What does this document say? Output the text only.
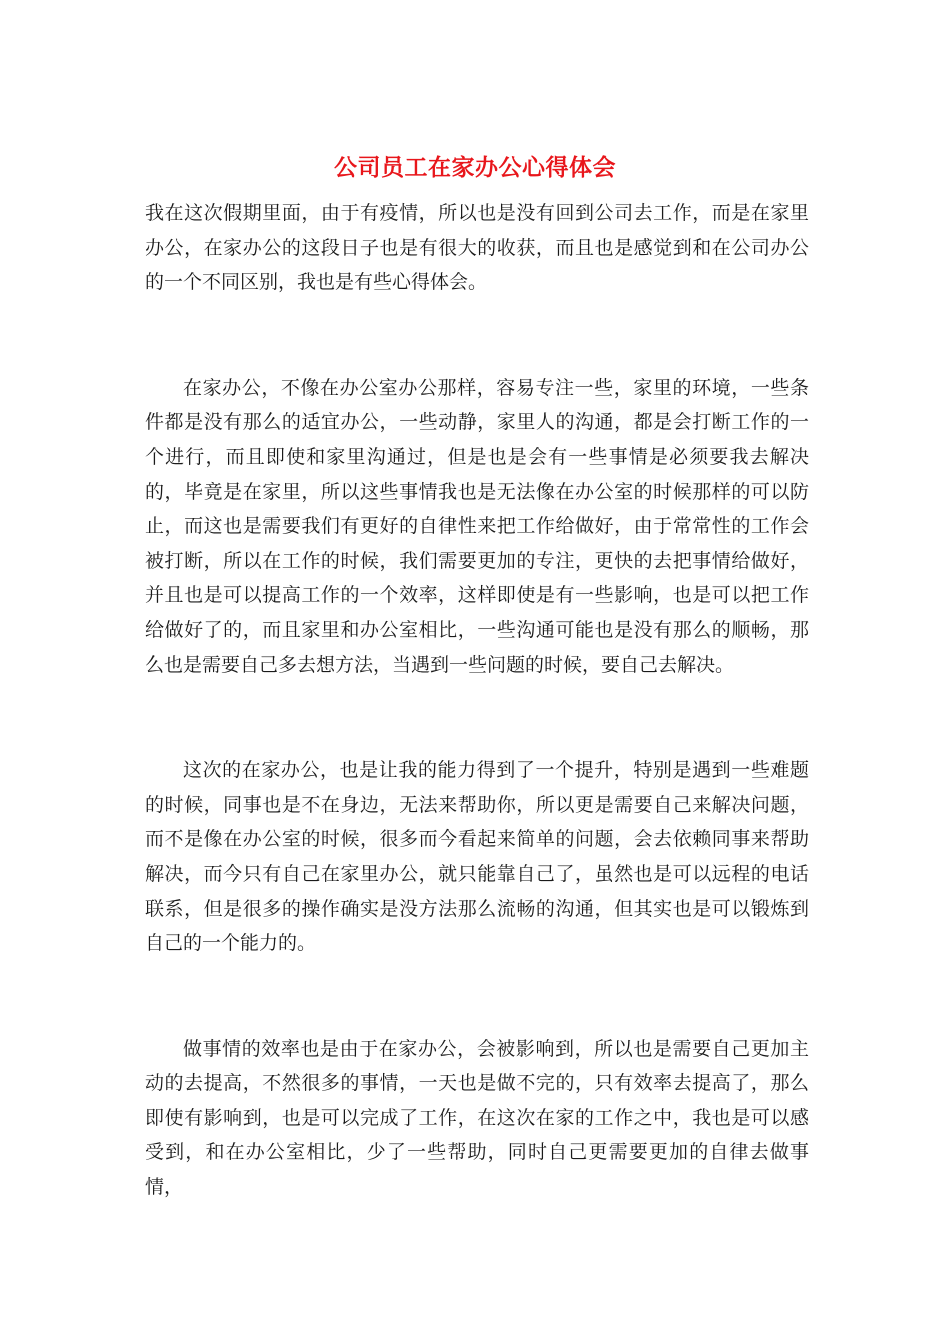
公司员工在家办公心得体会

我在这次假期里面，由于有疫情，所以也是没有回到公司去工作，而是在家里办公，在家办公的这段日子也是有很大的收获，而且也是感觉到和在公司办公的一个不同区别，我也是有些心得体会。

在家办公，不像在办公室办公那样，容易专注一些，家里的环境，一些条件都是没有那么的适宜办公，一些动静，家里人的沟通，都是会打断工作的一个进行，而且即使和家里沟通过，但是也是会有一些事情是必须要我去解决的，毕竟是在家里，所以这些事情我也是无法像在办公室的时候那样的可以防止，而这也是需要我们有更好的自律性来把工作给做好，由于常常性的工作会被打断，所以在工作的时候，我们需要更加的专注，更快的去把事情给做好，并且也是可以提高工作的一个效率，这样即使是有一些影响，也是可以把工作给做好了的，而且家里和办公室相比，一些沟通可能也是没有那么的顺畅，那么也是需要自己多去想方法，当遇到一些问题的时候，要自己去解决。

这次的在家办公，也是让我的能力得到了一个提升，特别是遇到一些难题的时候，同事也是不在身边，无法来帮助你，所以更是需要自己来解决问题，而不是像在办公室的时候，很多而今看起来简单的问题，会去依赖同事来帮助解决，而今只有自己在家里办公，就只能靠自己了，虽然也是可以远程的电话联系，但是很多的操作确实是没方法那么流畅的沟通，但其实也是可以锻炼到自己的一个能力的。

做事情的效率也是由于在家办公，会被影响到，所以也是需要自己更加主动的去提高，不然很多的事情，一天也是做不完的，只有效率去提高了，那么即使有影响到，也是可以完成了工作，在这次在家的工作之中，我也是可以感受到，和在办公室相比，少了一些帮助，同时自己更需要更加的自律去做事情，
